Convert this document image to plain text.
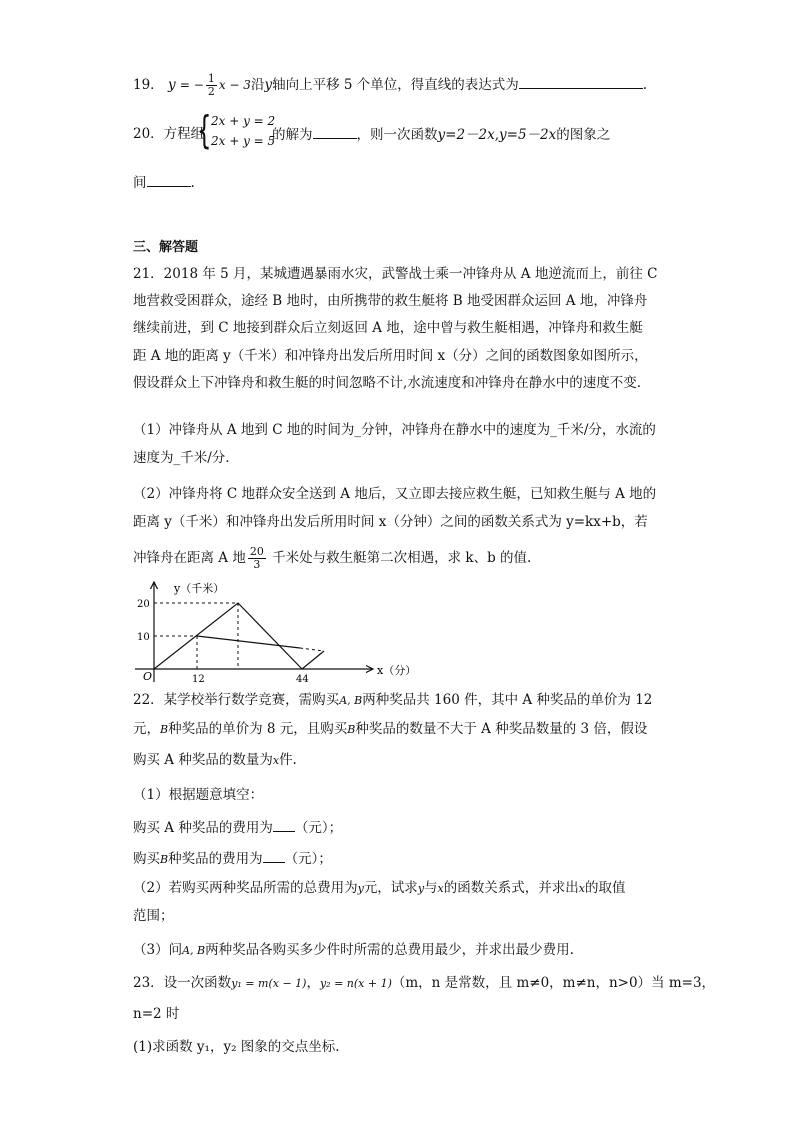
19． y = − $\frac{1}{2}$ x − 3沿y轴向上平移 5 个单位，得直线的表达式为	.
20．方程组
{ 2x + y = 2
2x + y = 5
的解为	，则一次函数y=2－2x,y=5－2x的图象之
间	.
三、解答题
21．2018 年 5 月，某城遭遇暴雨水灾，武警战士乘一冲锋舟从 A 地逆流而上，前往 C
地营救受困群众，途经 B 地时，由所携带的救生艇将 B 地受困群众运回 A 地，冲锋舟
继续前进，到 C 地接到群众后立刻返回 A 地，途中曾与救生艇相遇，冲锋舟和救生艇
距 A 地的距离 y（千米）和冲锋舟出发后所用时间 x（分）之间的函数图象如图所示，
假设群众上下冲锋舟和救生艇的时间忽略不计,水流速度和冲锋舟在静水中的速度不变.
（1）冲锋舟从 A 地到 C 地的时间为_分钟，冲锋舟在静水中的速度为_千米/分，水流的
速度为_千米/分.
（2）冲锋舟将 C 地群众安全送到 A 地后，又立即去接应救生艇，已知救生艇与 A 地的
距离 y（千米）和冲锋舟出发后所用时间 x（分钟）之间的函数关系式为 y=kx+b，若
冲锋舟在距离 A 地 $\frac{20}{3}$ 千米处与救生艇第二次相遇，求 k、b 的值.
y（千米）
x（分）
O
20
10
12	44
22．某学校举行数学竞赛，需购买A, B两种奖品共 160 件，其中 A 种奖品的单价为 12
元，B种奖品的单价为 8 元，且购买B种奖品的数量不大于 A 种奖品数量的 3 倍，假设
购买 A 种奖品的数量为x件.
（1）根据题意填空：
购买 A 种奖品的费用为 （元）；
购买B种奖品的费用为 （元）；
（2）若购买两种奖品所需的总费用为y元，试求y与x的函数关系式，并求出x的取值
范围；
（3）问A, B两种奖品各购买多少件时所需的总费用最少，并求出最少费用.
23．设一次函数y₁ = m(x − 1)，y₂ = n(x + 1)（m，n 是常数，且 m≠0，m≠n，n>0）当 m=3，
n=2 时
(1)求函数 y₁，y₂ 图象的交点坐标.
